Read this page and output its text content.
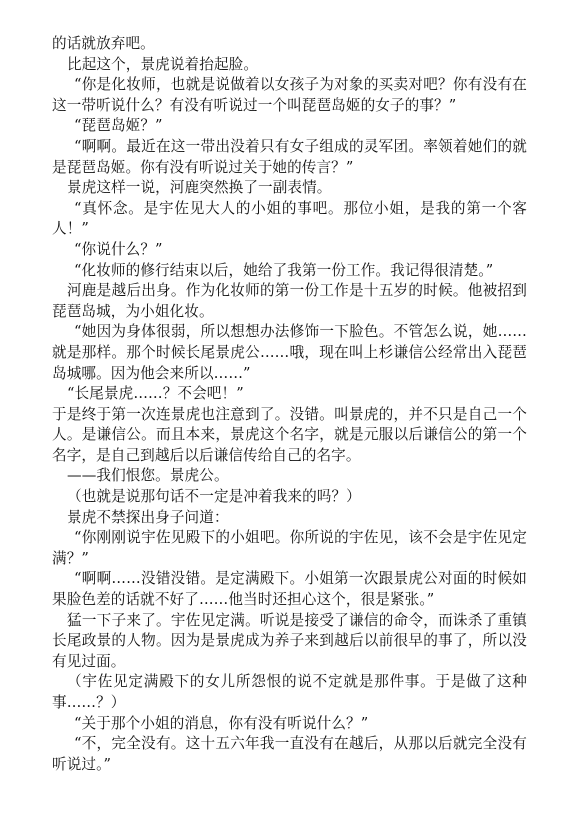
的话就放弃吧。

比起这个，景虎说着抬起脸。

“你是化妆师，也就是说做着以女孩子为对象的买卖对吧？你有没有在这一带听说什么？有没有听说过一个叫琵琶岛姬的女子的事？”

“琵琶岛姬？”

“啊啊。最近在这一带出没着只有女子组成的灵军团。率领着她们的就是琵琶岛姬。你有没有听说过关于她的传言？”

景虎这样一说，河鹿突然换了一副表情。

“真怀念。是宇佐见大人的小姐的事吧。那位小姐，是我的第一个客人！”

“你说什么？”

“化妆师的修行结束以后，她给了我第一份工作。我记得很清楚。”

河鹿是越后出身。作为化妆师的第一份工作是十五岁的时候。他被招到琵琶岛城，为小姐化妆。

“她因为身体很弱，所以想想办法修饰一下脸色。不管怎么说，她……就是那样。那个时候长尾景虎公……哦，现在叫上杉谦信公经常出入琵琶岛城哪。因为他会来所以……”

“长尾景虎……？不会吧！”

于是终于第一次连景虎也注意到了。没错。叫景虎的，并不只是自己一个人。是谦信公。而且本来，景虎这个名字，就是元服以后谦信公的第一个名字，是自己到越后以后谦信传给自己的名字。

——我们恨您。景虎公。

（也就是说那句话不一定是冲着我来的吗？）

景虎不禁探出身子问道：

“你刚刚说宇佐见殿下的小姐吧。你所说的宇佐见，该不会是宇佐见定满？”

“啊啊……没错没错。是定满殿下。小姐第一次跟景虎公对面的时候如果脸色差的话就不好了……他当时还担心这个，很是紧张。”

猛一下子来了。宇佐见定满。听说是接受了谦信的命令，而诛杀了重镇长尾政景的人物。因为是景虎成为养子来到越后以前很早的事了，所以没有见过面。

（宇佐见定满殿下的女儿所怨恨的说不定就是那件事。于是做了这种事……？）

“关于那个小姐的消息，你有没有听说什么？”

“不，完全没有。这十五六年我一直没有在越后，从那以后就完全没有听说过。”
